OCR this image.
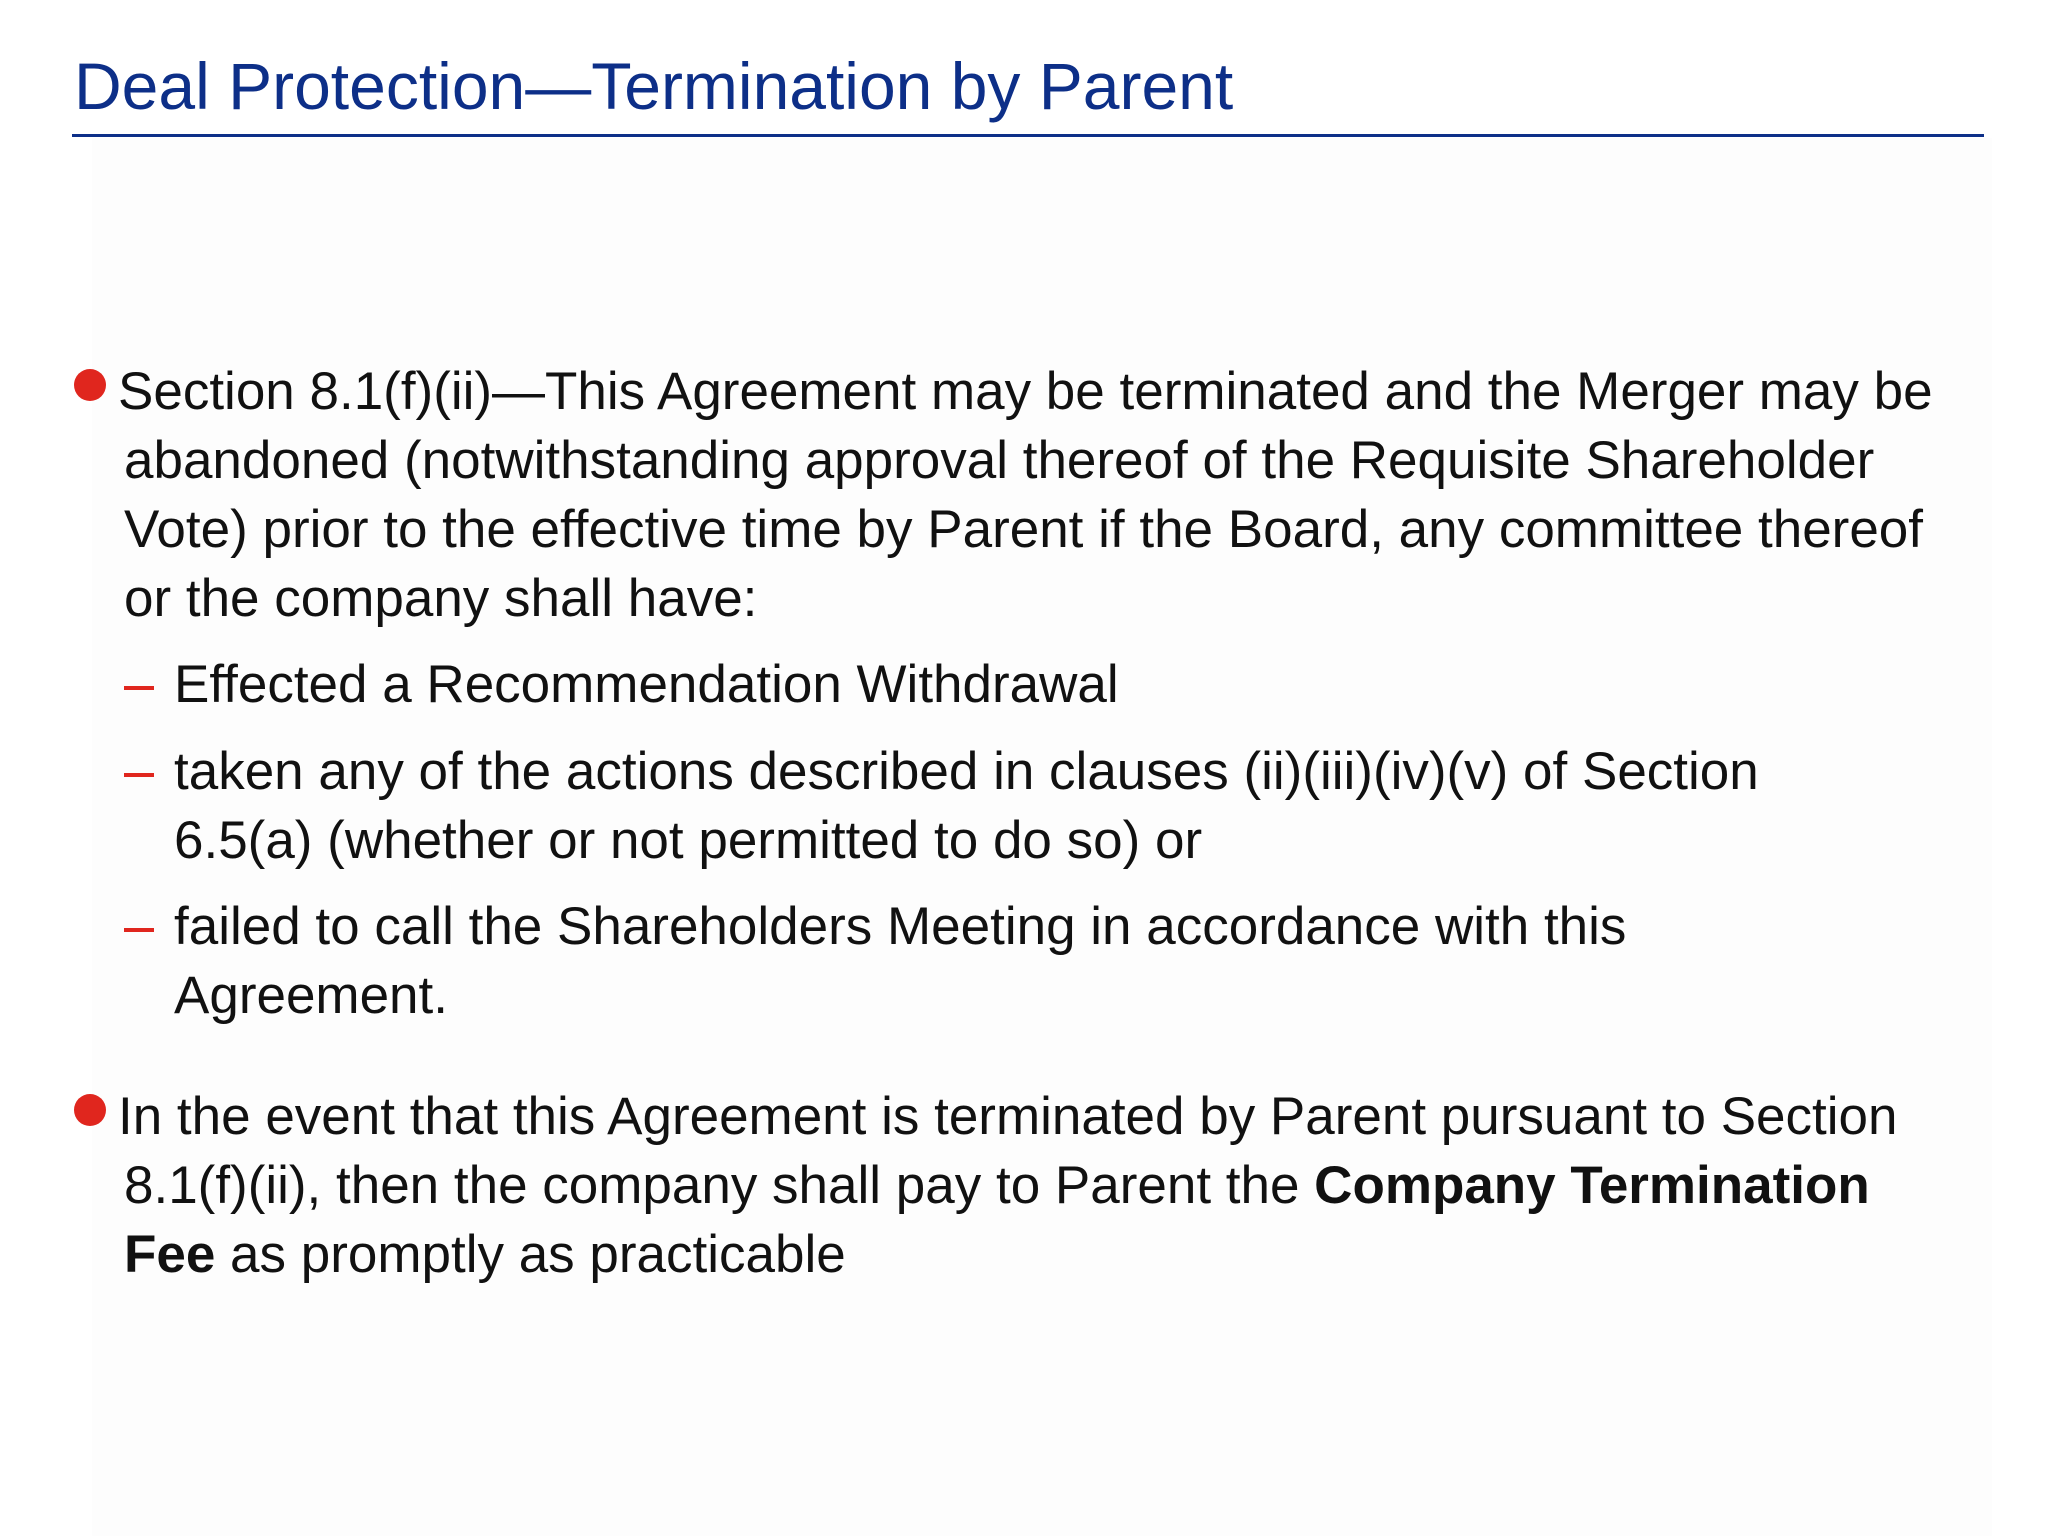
Deal Protection—Termination by Parent
Section 8.1(f)(ii)—This Agreement may be terminated and the Merger may be abandoned (notwithstanding approval thereof of the Requisite Shareholder Vote) prior to the effective time by Parent if the Board, any committee thereof or the company shall have:
Effected a Recommendation Withdrawal
taken any of the actions described in clauses (ii)(iii)(iv)(v) of Section 6.5(a) (whether or not permitted to do so) or
failed to call the Shareholders Meeting in accordance with this Agreement.
In the event that this Agreement is terminated by Parent pursuant to Section 8.1(f)(ii), then the company shall pay to Parent the Company Termination Fee as promptly as practicable
